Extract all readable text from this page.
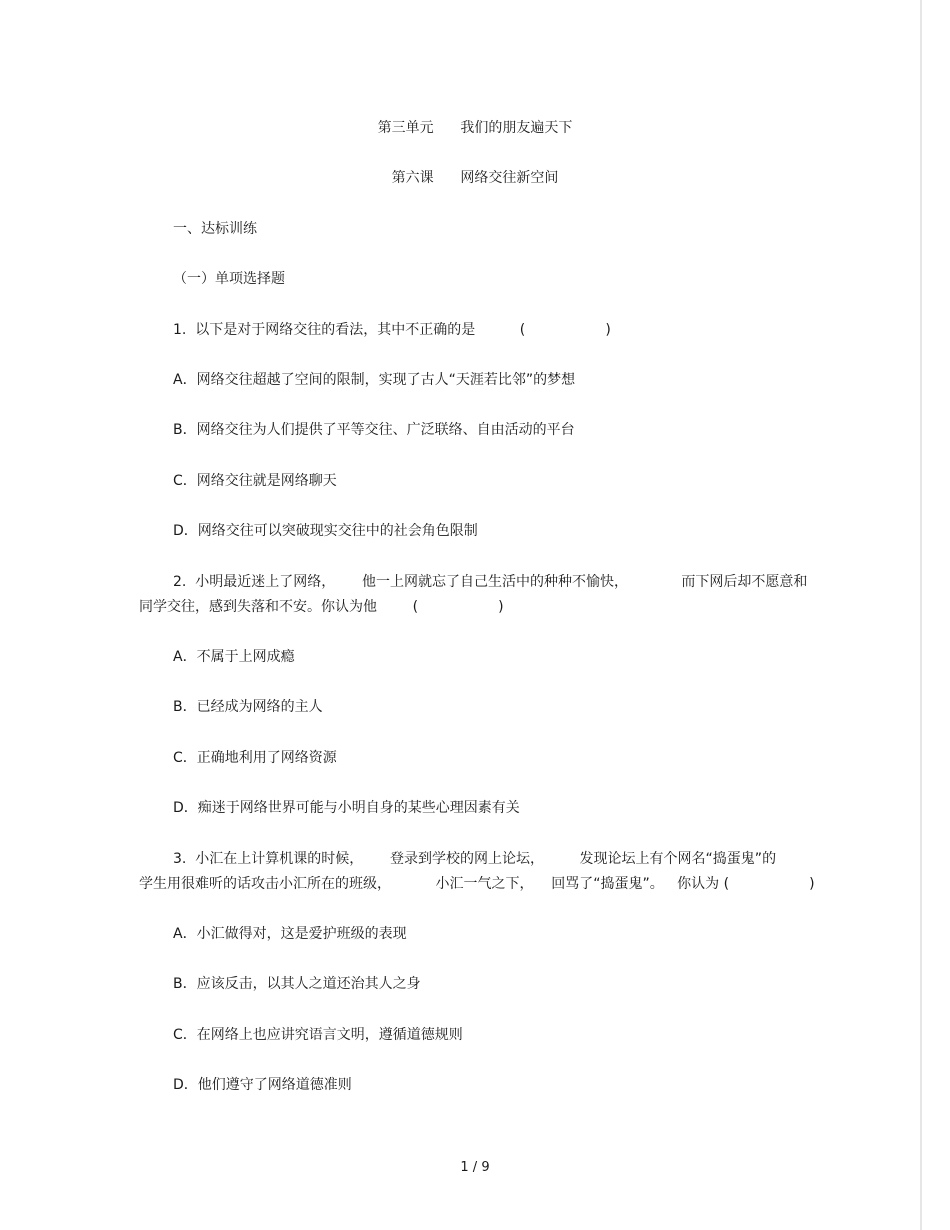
第三单元      我们的朋友遍天下
第六课      网络交往新空间
一、达标训练
（一）单项选择题
1.  以下是对于网络交往的看法，其中不正确的是          (                  )
A．网络交往超越了空间的限制，实现了古人“天涯若比邻”的梦想
B．网络交往为人们提供了平等交往、广泛联络、自由活动的平台
C．网络交往就是网络聊天
D．网络交往可以突破现实交往中的社会角色限制
2.  小明最近迷上了网络，      他一上网就忘了自己生活中的种种不愉快，            而下网后却不愿意和
同学交往，感到失落和不安。你认为他        (                  )
A．不属于上网成瘾
B．已经成为网络的主人
C．正确地利用了网络资源
D．痴迷于网络世界可能与小明自身的某些心理因素有关
3.  小汇在上计算机课的时候，      登录到学校的网上论坛，        发现论坛上有个网名“捣蛋鬼”的
学生用很难听的话攻击小汇所在的班级，          小汇一气之下，    回骂了“捣蛋鬼”。   你认为 (                  )
A．小汇做得对，这是爱护班级的表现
B．应该反击，以其人之道还治其人之身
C．在网络上也应讲究语言文明，遵循道德规则
D．他们遵守了网络道德准则
1 / 9
